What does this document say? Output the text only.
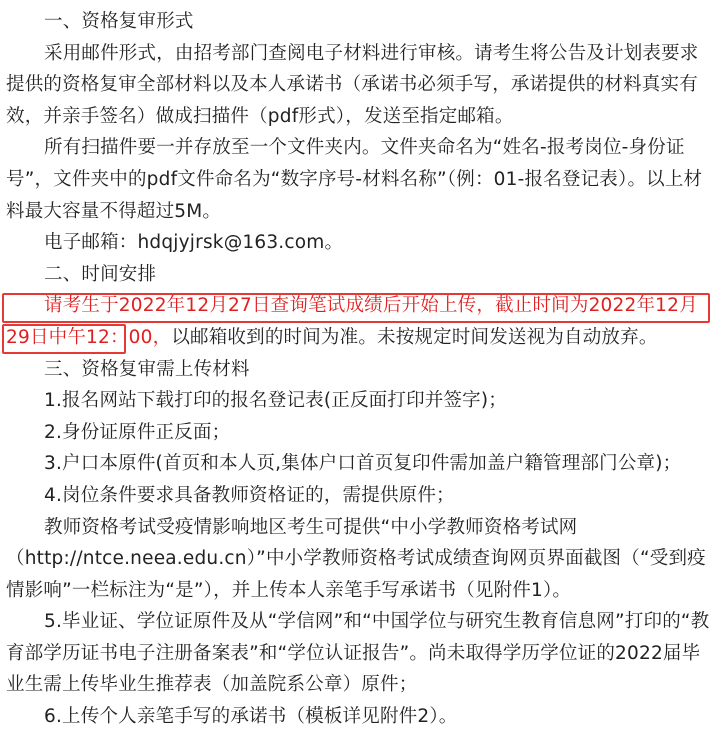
一、资格复审形式

采用邮件形式，由招考部门查阅电子材料进行审核。请考生将公告及计划表要求提供的资格复审全部材料以及本人承诺书（承诺书必须手写，承诺提供的材料真实有效，并亲手签名）做成扫描件（pdf形式），发送至指定邮箱。

所有扫描件要一并存放至一个文件夹内。文件夹命名为“姓名-报考岗位-身份证号”，文件夹中的pdf文件命名为“数字序号-材料名称”（例：01-报名登记表）。以上材料最大容量不得超过5M。

电子邮箱：hdqjyjrsk@163.com。

二、时间安排

请考生于2022年12月27日查询笔试成绩后开始上传，截止时间为2022年12月29日中午12：00，以邮箱收到的时间为准。未按规定时间发送视为自动放弃。

三、资格复审需上传材料

1.报名网站下载打印的报名登记表(正反面打印并签字)；

2.身份证原件正反面；

3.户口本原件(首页和本人页,集体户口首页复印件需加盖户籍管理部门公章)；

4.岗位条件要求具备教师资格证的，需提供原件；

教师资格考试受疫情影响地区考生可提供“中小学教师资格考试网（http://ntce.neea.edu.cn）”中小学教师资格考试成绩查询网页界面截图（“受到疫情影响”一栏标注为“是”），并上传本人亲笔手写承诺书（见附件1）。

5.毕业证、学位证原件及从“学信网”和“中国学位与研究生教育信息网”打印的“教育部学历证书电子注册备案表”和“学位认证报告”。尚未取得学历学位证的2022届毕业生需上传毕业生推荐表（加盖院系公章）原件；

6.上传个人亲笔手写的承诺书（模板详见附件2）。
